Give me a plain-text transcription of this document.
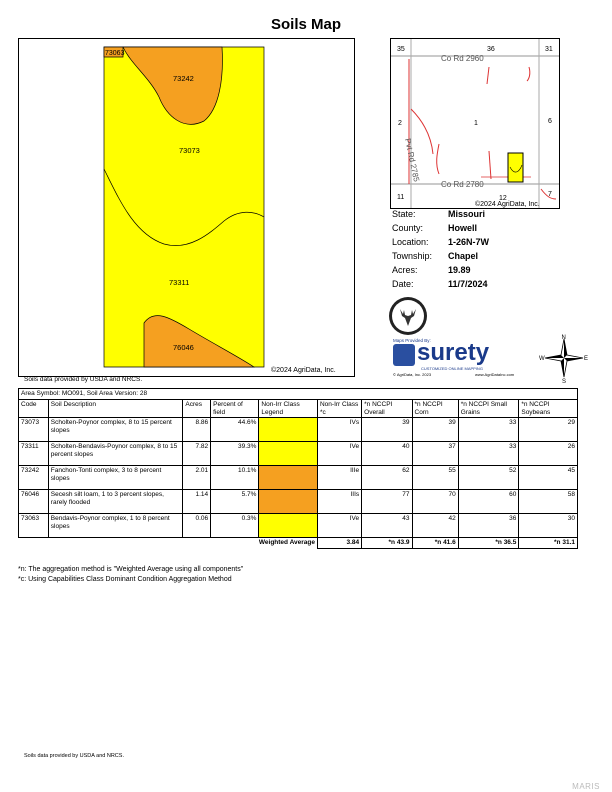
Soils Map
73063
73242
73073
73311
76046
©2024 AgriData, Inc.
35	36	31
2	1	6
11	12
7
Co Rd 2960
Co Rd 2780
Pvt Rd 2785
©2024 AgriData, Inc.
State:	Missouri
County:	Howell
Location: 1-26N-7W
Township: Chapel
Acres:	19.89
Date:	11/7/2024
N
S
E
W
Maps Provided By:
surety
CUSTOMIZED ONLINE MAPPING
© AgriData, Inc. 2023	www.AgriDataInc.com
Soils data provided by USDA and NRCS.
Area Symbol: MO091, Soil Area Version: 28									
Code	Soil Description	Acres	Percent of field	Non-Irr Class Legend	Non-Irr Class *c	*n NCCPI Overall	*n NCCPI Corn	*n NCCPI Small Grains	*n NCCPI Soybeans
73073	Scholten-Poynor complex, 8 to 15 percent slopes	8.86	44.6%		IVs	39	39	33	29
73311	Scholten-Bendavis-Poynor complex, 8 to 15 percent slopes	7.82	39.3%		IVe	40	37	33	26
73242	Fanchon-Tonti complex, 3 to 8 percent slopes	2.01	10.1%		IIIe	62	55	52	45
76046	Secesh silt loam, 1 to 3 percent slopes, rarely flooded	1.14	5.7%		IIIs	77	70	60	58
73063	Bendavis-Poynor complex, 1 to 8 percent slopes	0.06	0.3%		IVe	43	42	36	30
Weighted Average					3.84	*n 43.9	*n 41.6	*n 36.5	*n 31.1
*n: The aggregation method is "Weighted Average using all components"
*c: Using Capabilities Class Dominant Condition Aggregation Method
Soils data provided by USDA and NRCS.
MARIS
